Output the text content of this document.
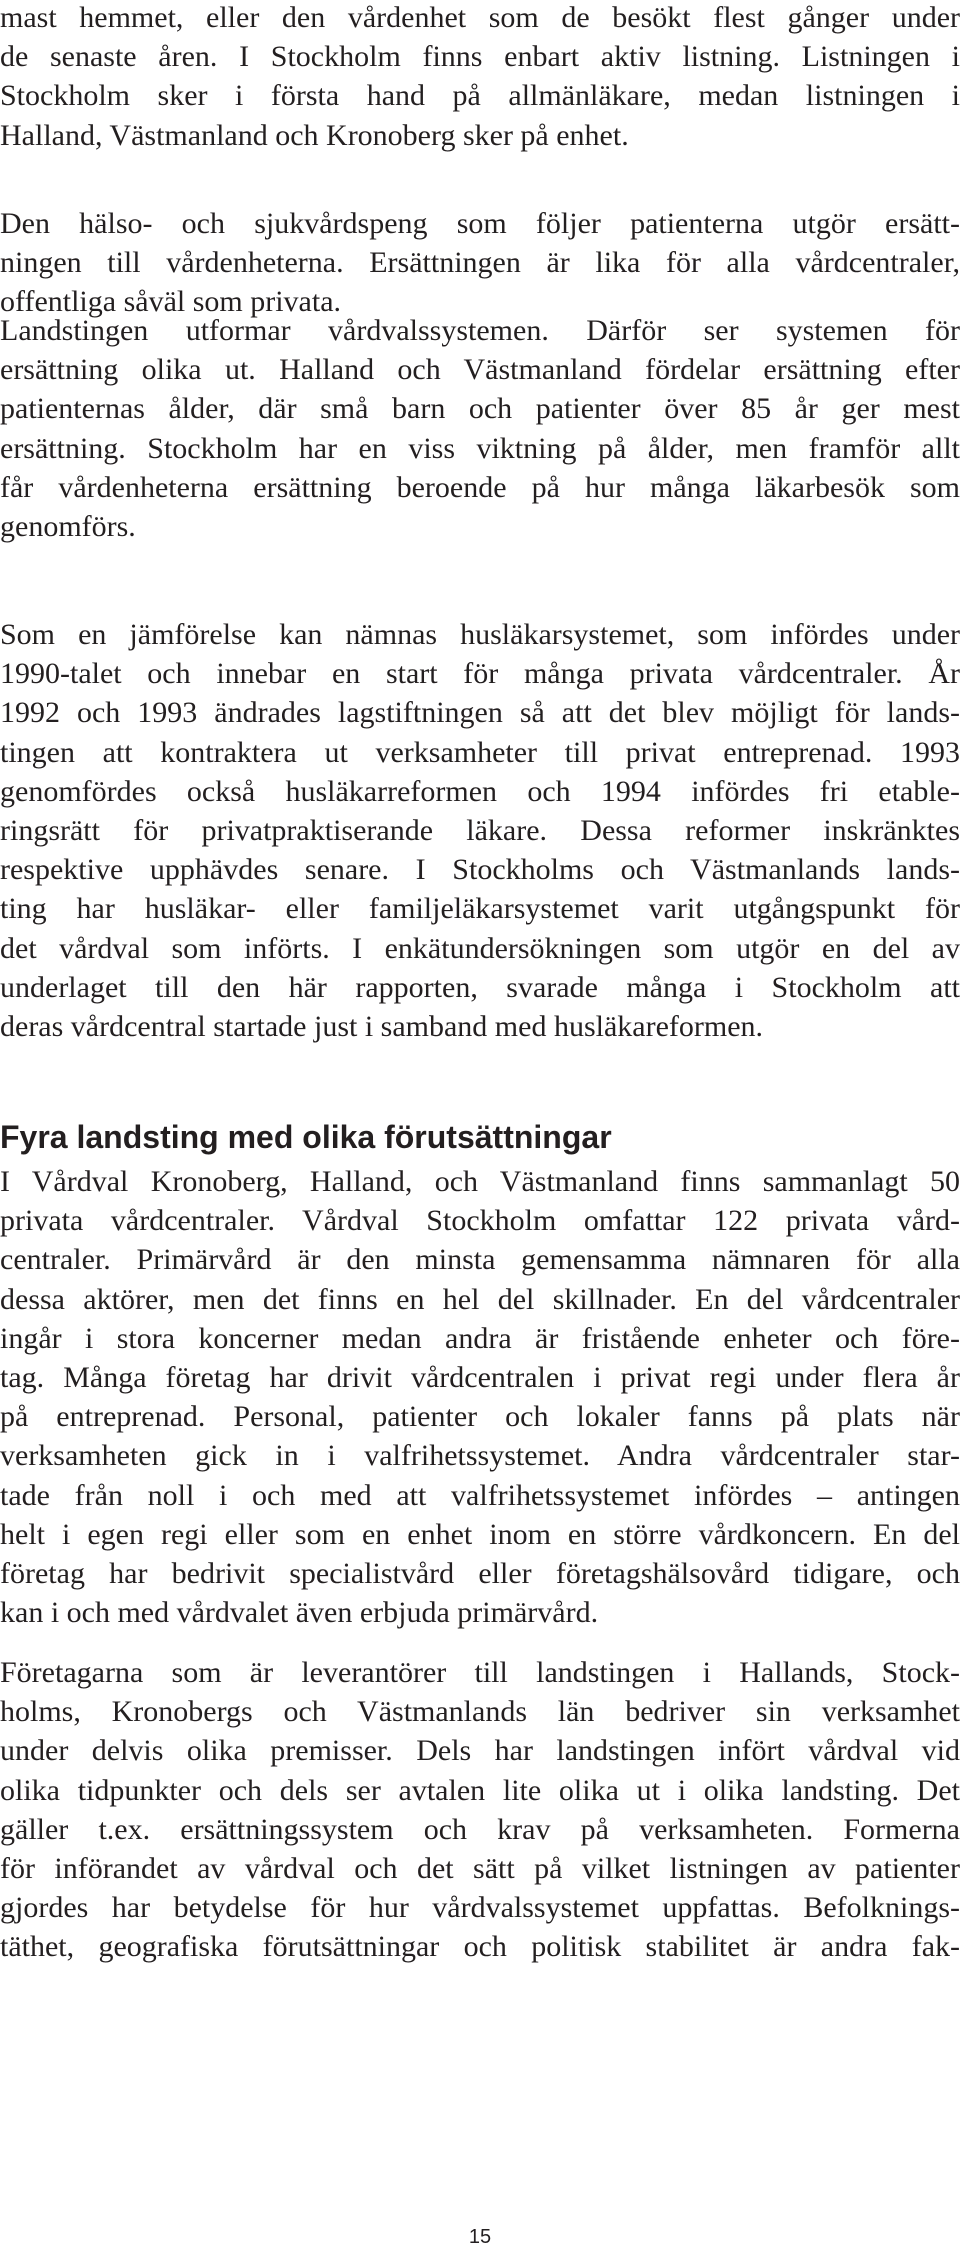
mast hemmet, eller den vårdenhet som de besökt flest gånger under
de senaste åren. I Stockholm finns enbart aktiv listning. Listningen i
Stockholm sker i första hand på allmänläkare, medan listningen i
Halland, Västmanland och Kronoberg sker på enhet.
Den hälso- och sjukvårdspeng som följer patienterna utgör ersätt-
ningen till vårdenheterna. Ersättningen är lika för alla vårdcentraler,
offentliga såväl som privata.
Landstingen utformar vårdvalssystemen. Därför ser systemen för
ersättning olika ut. Halland och Västmanland fördelar ersättning efter
patienternas ålder, där små barn och patienter över 85 år ger mest
ersättning. Stockholm har en viss viktning på ålder, men framför allt
får vårdenheterna ersättning beroende på hur många läkarbesök som
genomförs.
Som en jämförelse kan nämnas husläkarsystemet, som infördes under
1990-talet och innebar en start för många privata vårdcentraler. År
1992 och 1993 ändrades lagstiftningen så att det blev möjligt för lands-
tingen att kontraktera ut verksamheter till privat entreprenad. 1993
genomfördes också husläkarreformen och 1994 infördes fri etable-
ringsrätt för privatpraktiserande läkare. Dessa reformer inskränktes
respektive upphävdes senare. I Stockholms och Västmanlands lands-
ting har husläkar- eller familjeläkarsystemet varit utgångspunkt för
det vårdval som införts. I enkätundersökningen som utgör en del av
underlaget till den här rapporten, svarade många i Stockholm att
deras vårdcentral startade just i samband med husläkareformen.
Fyra landsting med olika förutsättningar
I Vårdval Kronoberg, Halland, och Västmanland finns sammanlagt 50
privata vårdcentraler. Vårdval Stockholm omfattar 122 privata vård-
centraler. Primärvård är den minsta gemensamma nämnaren för alla
dessa aktörer, men det finns en hel del skillnader. En del vårdcentraler
ingår i stora koncerner medan andra är fristående enheter och före-
tag. Många företag har drivit vårdcentralen i privat regi under flera år
på entreprenad. Personal, patienter och lokaler fanns på plats när
verksamheten gick in i valfrihetssystemet. Andra vårdcentraler star-
tade från noll i och med att valfrihetssystemet infördes – antingen
helt i egen regi eller som en enhet inom en större vårdkoncern. En del
företag har bedrivit specialistvård eller företagshälsovård tidigare, och
kan i och med vårdvalet även erbjuda primärvård.
Företagarna som är leverantörer till landstingen i Hallands, Stock-
holms, Kronobergs och Västmanlands län bedriver sin verksamhet
under delvis olika premisser. Dels har landstingen infört vårdval vid
olika tidpunkter och dels ser avtalen lite olika ut i olika landsting. Det
gäller t.ex. ersättningssystem och krav på verksamheten. Formerna
för införandet av vårdval och det sätt på vilket listningen av patienter
gjordes har betydelse för hur vårdvalssystemet uppfattas. Befolknings-
täthet, geografiska förutsättningar och politisk stabilitet är andra fak-
15
